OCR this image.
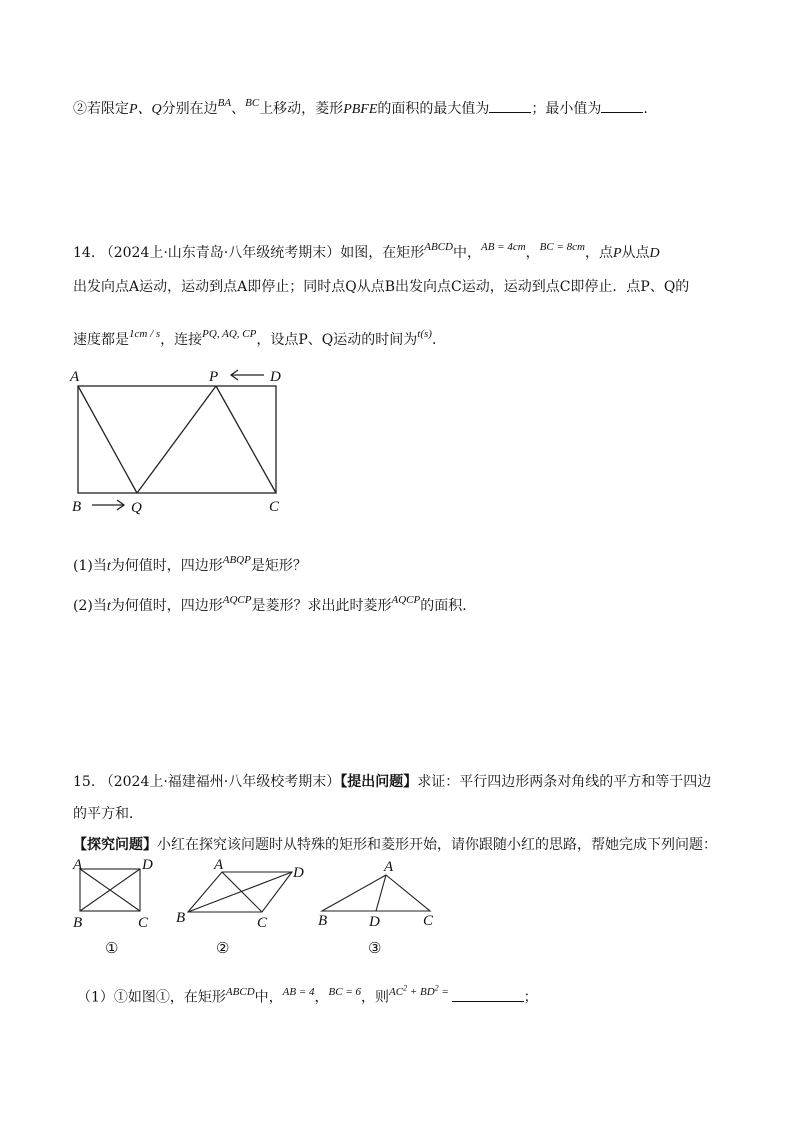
②若限定P、Q分别在边$^{BA}$、$^{BC}$上移动，菱形PBFE的面积的最大值为	；最小值为	.
14. （2024上·山东青岛·八年级统考期末）如图，在矩形$^{ABCD}$中，$^{AB = 4cm}$，$^{BC = 8cm}$，点P从点D
出发向点A运动，运动到点A即停止；同时点Q从点B出发向点C运动，运动到点C即停止．点P、Q的
速度都是$^{1cm / s}$，连接$^{PQ, AQ, CP}$，设点P、Q运动的时间为$^{t(s)}$．
(1)当t为何值时，四边形$^{ABQP}$是矩形？
(2)当t为何值时，四边形$^{AQCP}$是菱形？求出此时菱形$^{AQCP}$的面积．
15. （2024上·福建福州·八年级校考期末）【提出问题】求证：平行四边形两条对角线的平方和等于四边
的平方和．
【探究问题】小红在探究该问题时从特殊的矩形和菱形开始，请你跟随小红的思路，帮她完成下列问题：
（1）①如图①，在矩形$^{ABCD}$中，$^{AB = 4}$，$^{BC = 6}$，则$^{AC^2 + BD^2 =}$	；
A	P	D
B	Q	C
A	D
B	C
①
A	D
B	C
②
A
B	D	C
③
